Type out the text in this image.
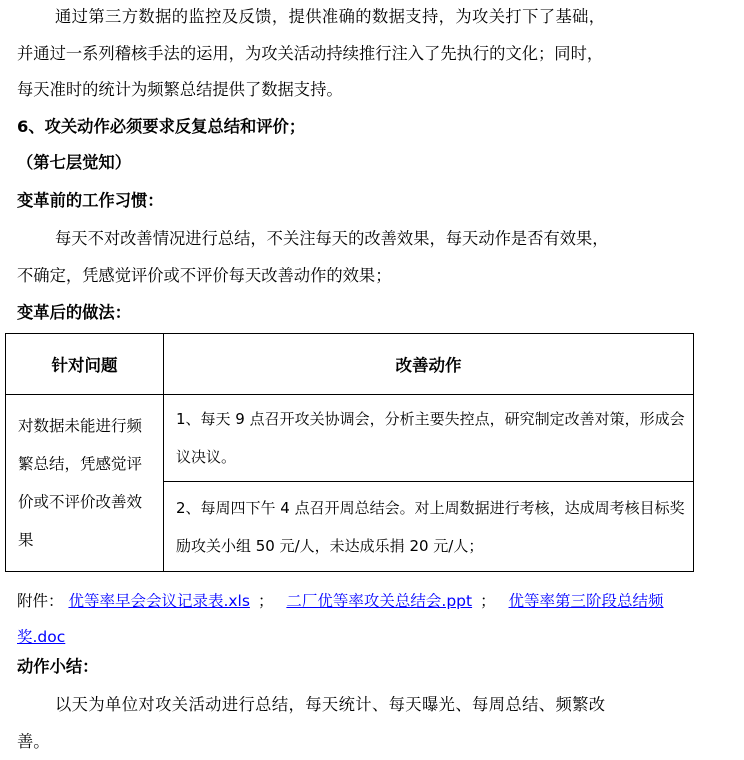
通过第三方数据的监控及反馈，提供准确的数据支持，为攻关打下了基础，
并通过一系列稽核手法的运用，为攻关活动持续推行注入了先执行的文化；同时，
每天准时的统计为频繁总结提供了数据支持。
6、攻关动作必须要求反复总结和评价；
（第七层觉知）
变革前的工作习惯：
每天不对改善情况进行总结，不关注每天的改善效果，每天动作是否有效果，
不确定，凭感觉评价或不评价每天改善动作的效果；
变革后的做法：
针对问题	改善动作
对数据未能进行频繁总结，凭感觉评价或不评价改善效果	1、每天 9 点召开攻关协调会，分析主要失控点，研究制定改善对策，形成会议决议。
	2、每周四下午 4 点召开周总结会。对上周数据进行考核，达成周考核目标奖励攻关小组 50 元/人，未达成乐捐 20 元/人；
附件： 优等率早会会议记录表.xls ； 二厂优等率攻关总结会.ppt ； 优等率第三阶段总结频奖.doc
动作小结：
以天为单位对攻关活动进行总结，每天统计、每天曝光、每周总结、频繁改
善。
